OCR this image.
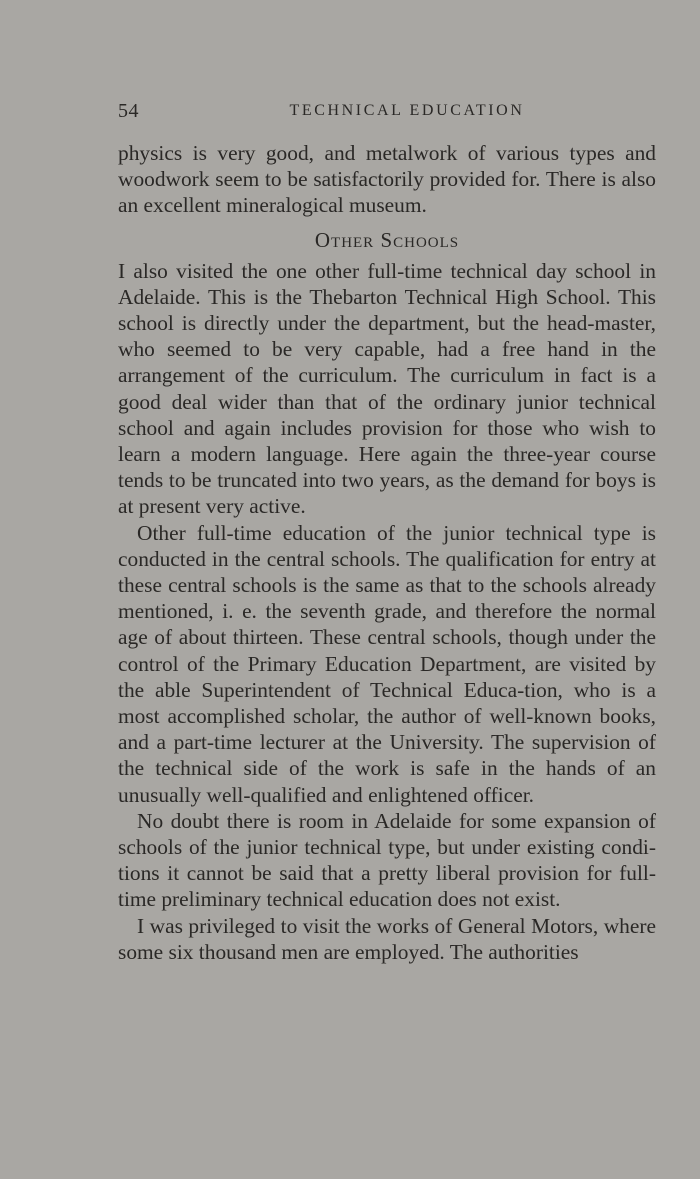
54	TECHNICAL EDUCATION

physics is very good, and metalwork of various types and woodwork seem to be satisfactorily provided for. There is also an excellent mineralogical museum.

Other Schools

I also visited the one other full-time technical day school in Adelaide. This is the Thebarton Technical High School. This school is directly under the department, but the head-master, who seemed to be very capable, had a free hand in the arrangement of the curriculum. The curriculum in fact is a good deal wider than that of the ordinary junior technical school and again includes provision for those who wish to learn a modern language. Here again the three-year course tends to be truncated into two years, as the demand for boys is at present very active.

Other full-time education of the junior technical type is conducted in the central schools. The qualification for entry at these central schools is the same as that to the schools already mentioned, i. e. the seventh grade, and therefore the normal age of about thirteen. These central schools, though under the control of the Primary Education Department, are visited by the able Superintendent of Technical Educa-tion, who is a most accomplished scholar, the author of well-known books, and a part-time lecturer at the University. The supervision of the technical side of the work is safe in the hands of an unusually well-qualified and enlightened officer.

No doubt there is room in Adelaide for some expansion of schools of the junior technical type, but under existing condi-tions it cannot be said that a pretty liberal provision for full-time preliminary technical education does not exist.

I was privileged to visit the works of General Motors, where some six thousand men are employed. The authorities
